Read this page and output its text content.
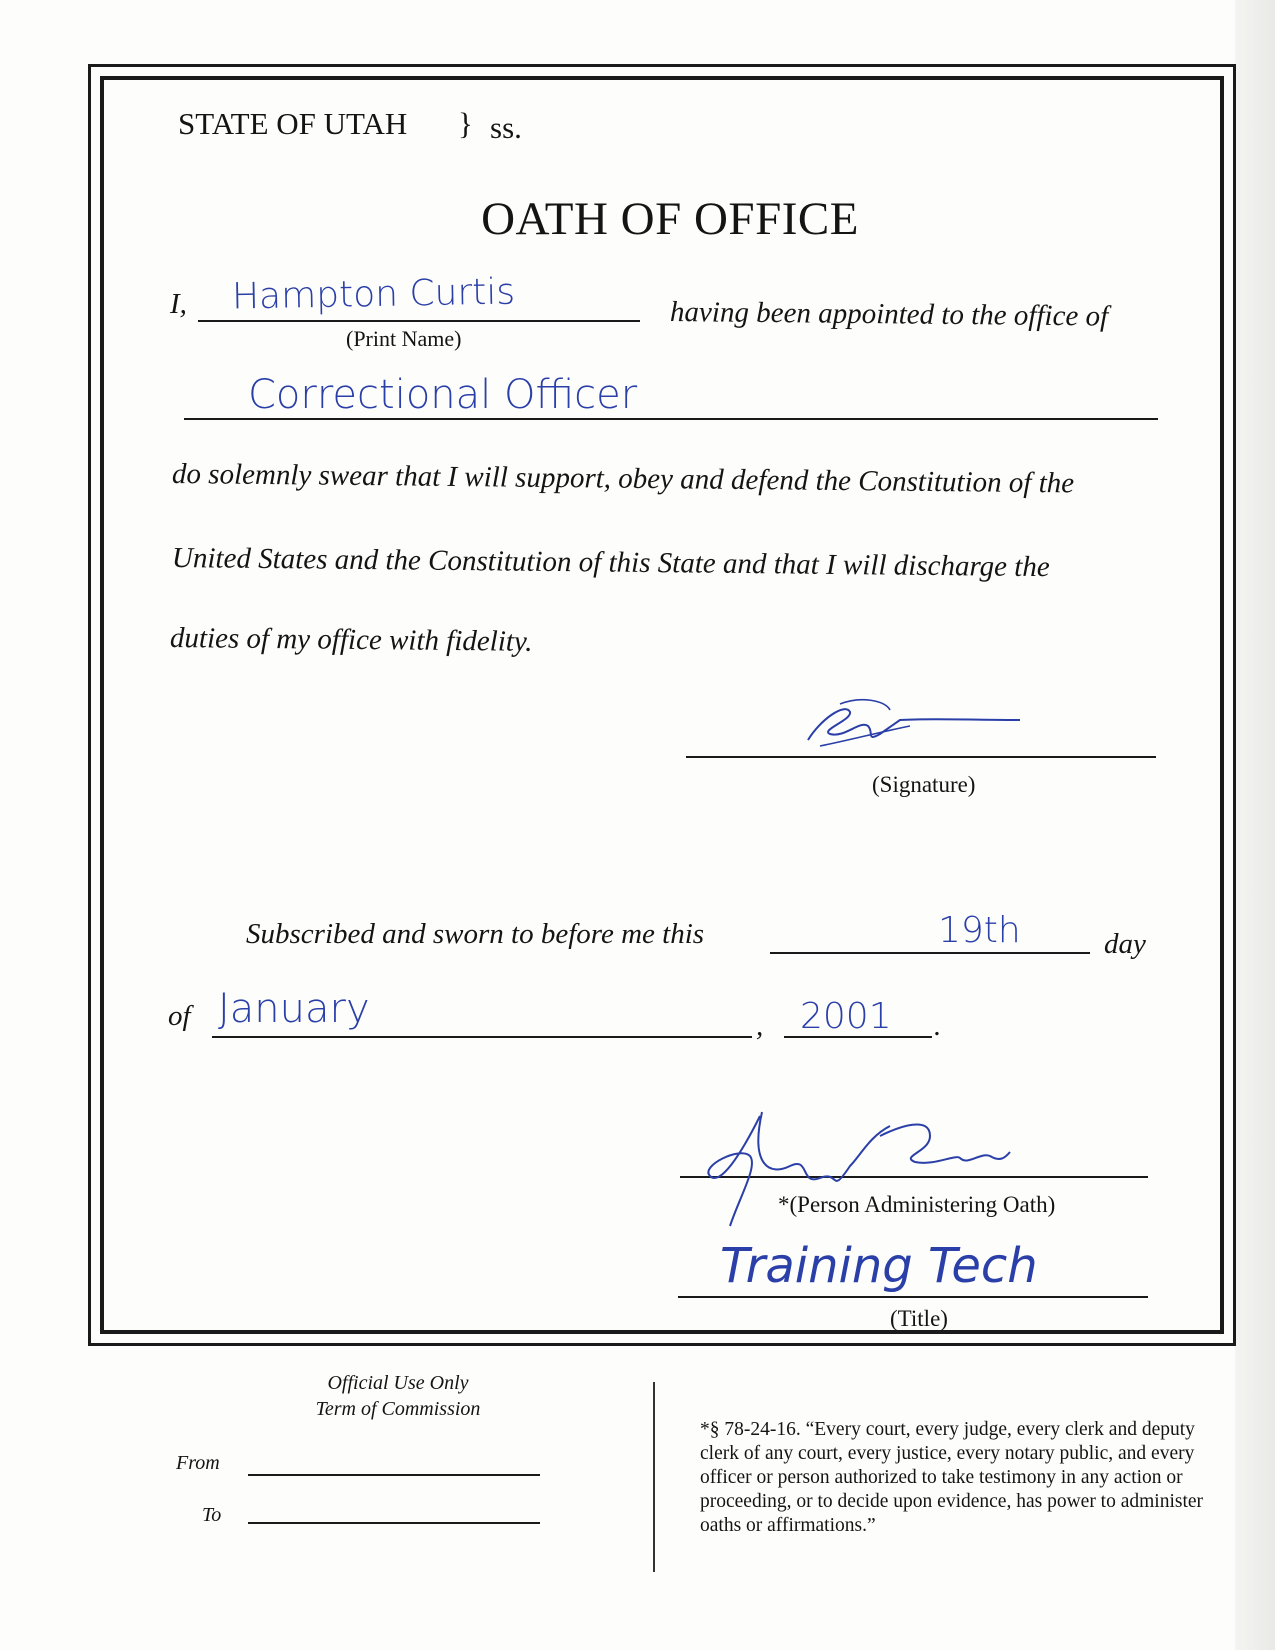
STATE OF UTAH } ss.
OATH OF OFFICE
I, Hampton Curtis
(Print Name)
having been appointed to the office of
Correctional Officer
do solemnly swear that I will support, obey and defend the Constitution of the
United States and the Constitution of this State and that I will discharge the
duties of my office with fidelity.
(Signature)
Subscribed and sworn to before me this	19th	day
of January	, 2001 .
*(Person Administering Oath)
Training Tech
(Title)
Official Use Only
Term of Commission
From
To
*§ 78-24-16. “Every court, every judge, every clerk and deputy clerk of any court, every justice, every notary public, and every officer or person authorized to take testimony in any action or proceeding, or to decide upon evidence, has power to administer oaths or affirmations.”
